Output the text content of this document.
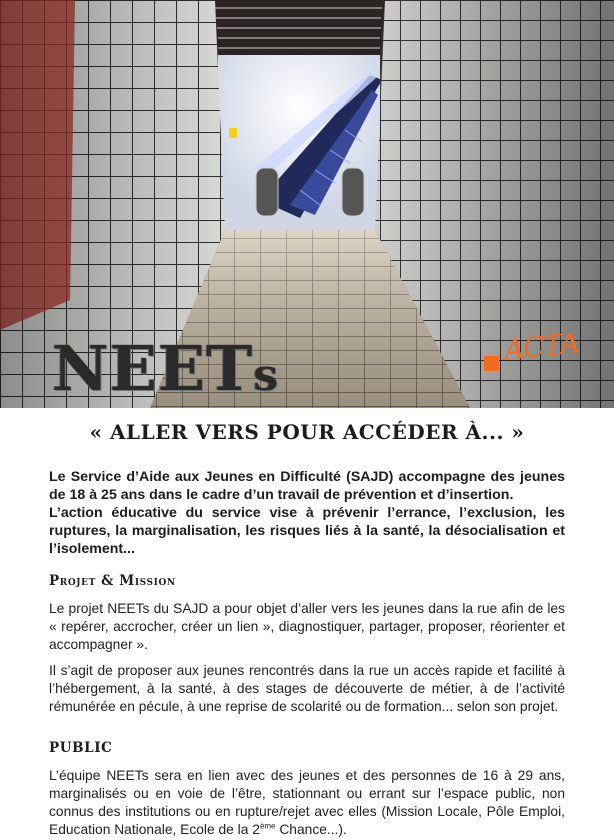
NEETs
ACTA
« ALLER VERS POUR ACCÉDER À... »

Le Service d’Aide aux Jeunes en Difficulté (SAJD) accompagne des jeunes de 18 à 25 ans dans le cadre d’un travail de prévention et d’insertion.

L’action éducative du service vise à prévenir l’errance, l’exclusion, les ruptures, la marginalisation, les risques liés à la santé, la désocialisation et l’isolement...

Projet & Mission

Le projet NEETs du SAJD a pour objet d’aller vers les jeunes dans la rue afin de les « repérer, accrocher, créer un lien », diagnostiquer, partager, proposer, réorienter et accompagner ».

Il s’agit de proposer aux jeunes rencontrés dans la rue un accès rapide et facilité à l’hébergement, à la santé, à des stages de découverte de métier, à de l’activité rémunérée en pécule, à une reprise de scolarité ou de formation... selon son projet.

PUBLIC

L’équipe NEETs sera en lien avec des jeunes et des personnes de 16 à 29 ans, marginalisés ou en voie de l’être, stationnant ou errant sur l’espace public, non connus des institutions ou en rupture/rejet avec elles (Mission Locale, Pôle Emploi, Education Nationale, Ecole de la 2ème Chance...).
